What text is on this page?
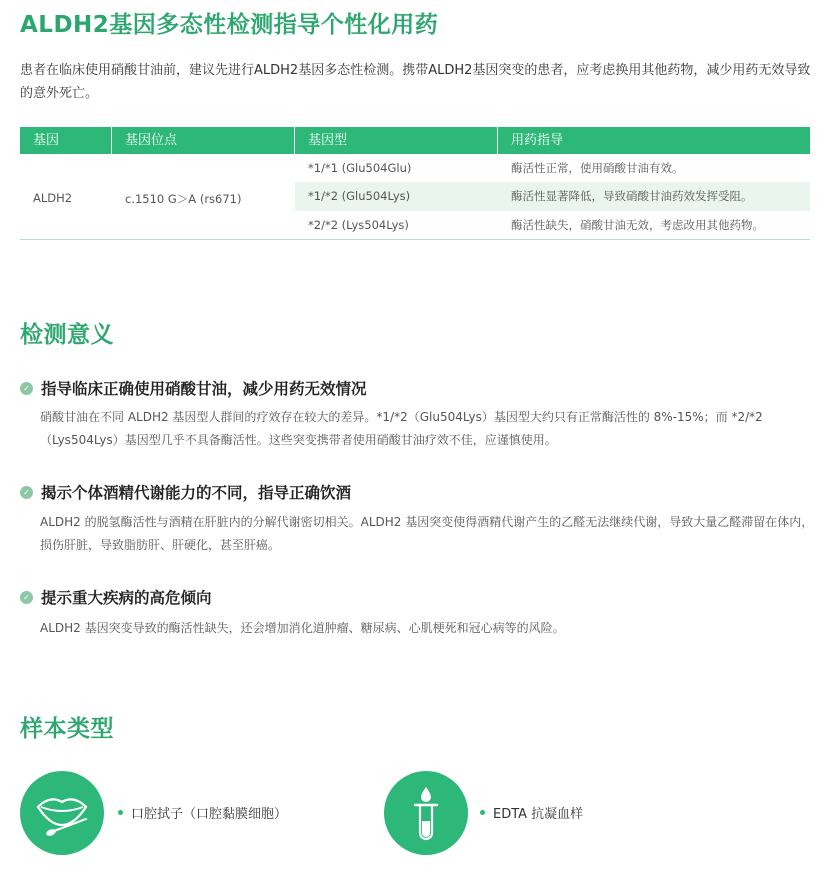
ALDH2基因多态性检测指导个性化用药
患者在临床使用硝酸甘油前，建议先进行ALDH2基因多态性检测。携带ALDH2基因突变的患者，应考虑换用其他药物，减少用药无效导致的意外死亡。
基因	基因位点	基因型	用药指导
ALDH2	c.1510 G＞A (rs671)
*1/*1 (Glu504Glu)	酶活性正常，使用硝酸甘油有效。
*1/*2 (Glu504Lys)	酶活性显著降低，导致硝酸甘油药效发挥受阻。
*2/*2 (Lys504Lys)	酶活性缺失，硝酸甘油无效，考虑改用其他药物。
检测意义
✓ 指导临床正确使用硝酸甘油，减少用药无效情况
硝酸甘油在不同 ALDH2 基因型人群间的疗效存在较大的差异。*1/*2（Glu504Lys）基因型大约只有正常酶活性的 8%-15%；而 *2/*2（Lys504Lys）基因型几乎不具备酶活性。这些突变携带者使用硝酸甘油疗效不佳，应谨慎使用。
✓ 揭示个体酒精代谢能力的不同，指导正确饮酒
ALDH2 的脱氢酶活性与酒精在肝脏内的分解代谢密切相关。ALDH2 基因突变使得酒精代谢产生的乙醛无法继续代谢，导致大量乙醛滞留在体内，损伤肝脏，导致脂肪肝、肝硬化，甚至肝癌。
✓ 提示重大疾病的高危倾向
ALDH2 基因突变导致的酶活性缺失，还会增加消化道肿瘤、糖尿病、心肌梗死和冠心病等的风险。
样本类型
口腔拭子（口腔黏膜细胞）	EDTA 抗凝血样
